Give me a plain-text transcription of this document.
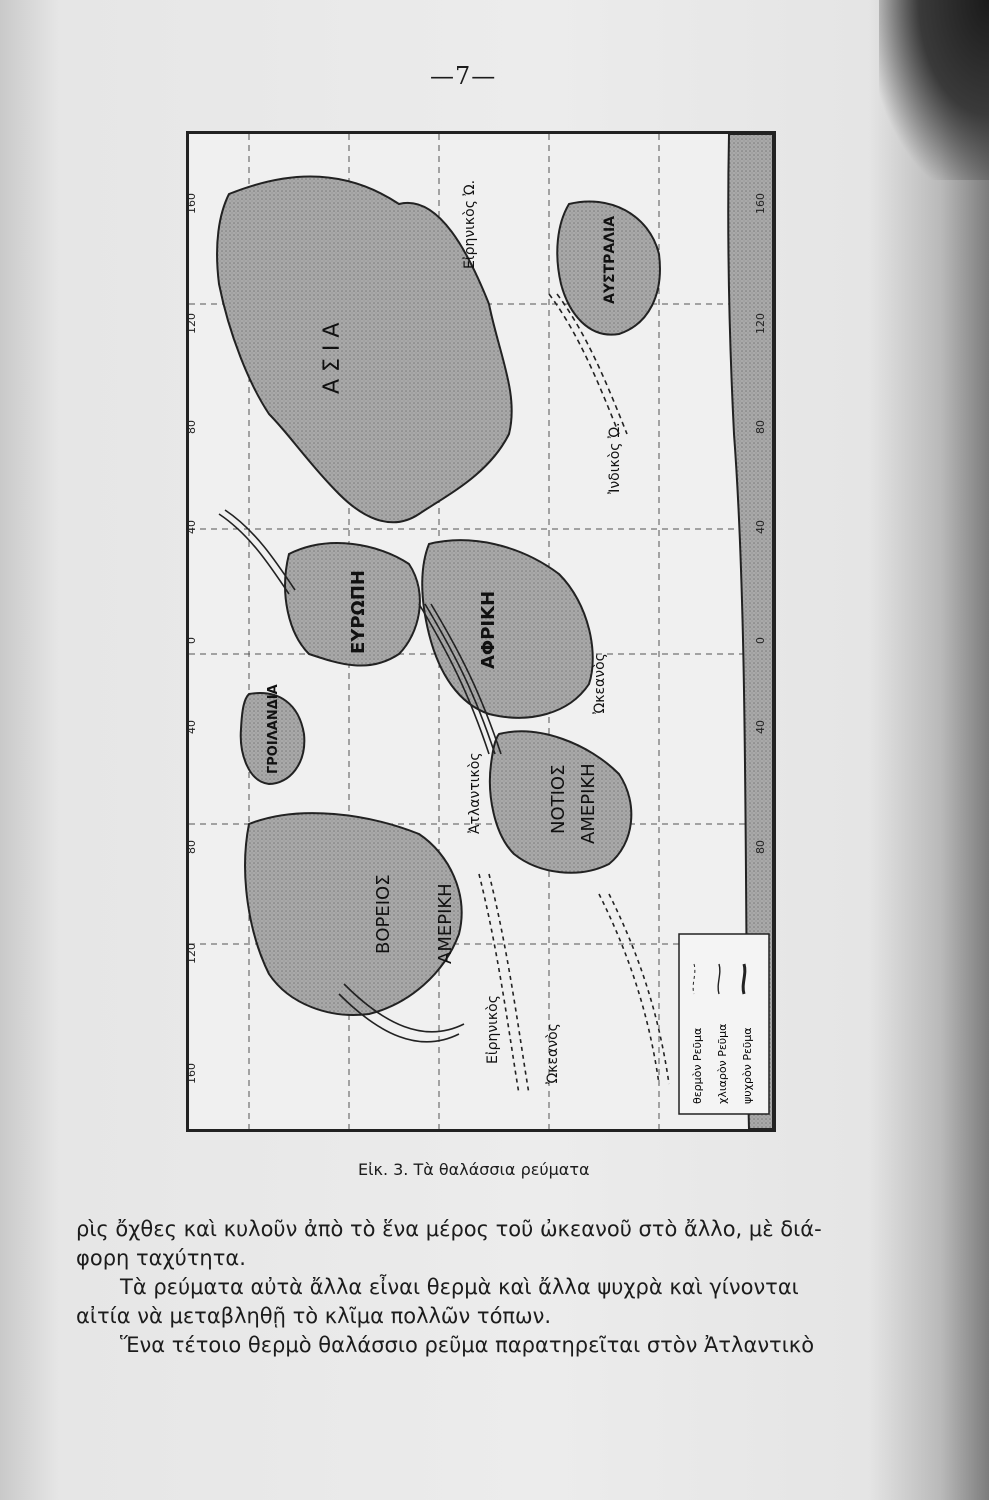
—7—
160
120
80
40
0
40
80
120
160
160
120
80
40
0
40
80
Α Σ Ι Α
ΕΥΡΩΠΗ	ΑΦΡΙΚΗ
ΑΥΣΤΡΑΛΙΑ
ΓΡΟΙΛΑΝΔΙΑ
ΒΟΡΕΙΟΣ ΑΜΕΡΙΚΗ
ΝΟΤΙΟΣ ΑΜΕΡΙΚΗ
Εἰρηνικὸς Ὠ.
Εἰρηνικὸς	Ὠκεανὸς
Ἀτλαντικὸς
Ὠκεανὸς
Ἰνδικὸς Ὠ.
θερμὸν Ρεῦμα χλιαρὸν Ρεῦμα ψυχρὸν Ρεῦμα
Εἰκ. 3. Τὰ θαλάσσια ρεύματα

ρὶς ὄχθες καὶ κυλοῦν ἀπὸ τὸ ἕνα μέρος τοῦ ὠκεανοῦ στὸ ἄλλο, μὲ διά-

φορη ταχύτητα.

Τὰ ρεύματα αὐτὰ ἄλλα εἶναι θερμὰ καὶ ἄλλα ψυχρὰ καὶ γίνονται

αἰτία νὰ μεταβληθῇ τὸ κλῖμα πολλῶν τόπων.

Ἕνα τέτοιο θερμὸ θαλάσσιο ρεῦμα παρατηρεῖται στὸν Ἀτλαντικὸ
